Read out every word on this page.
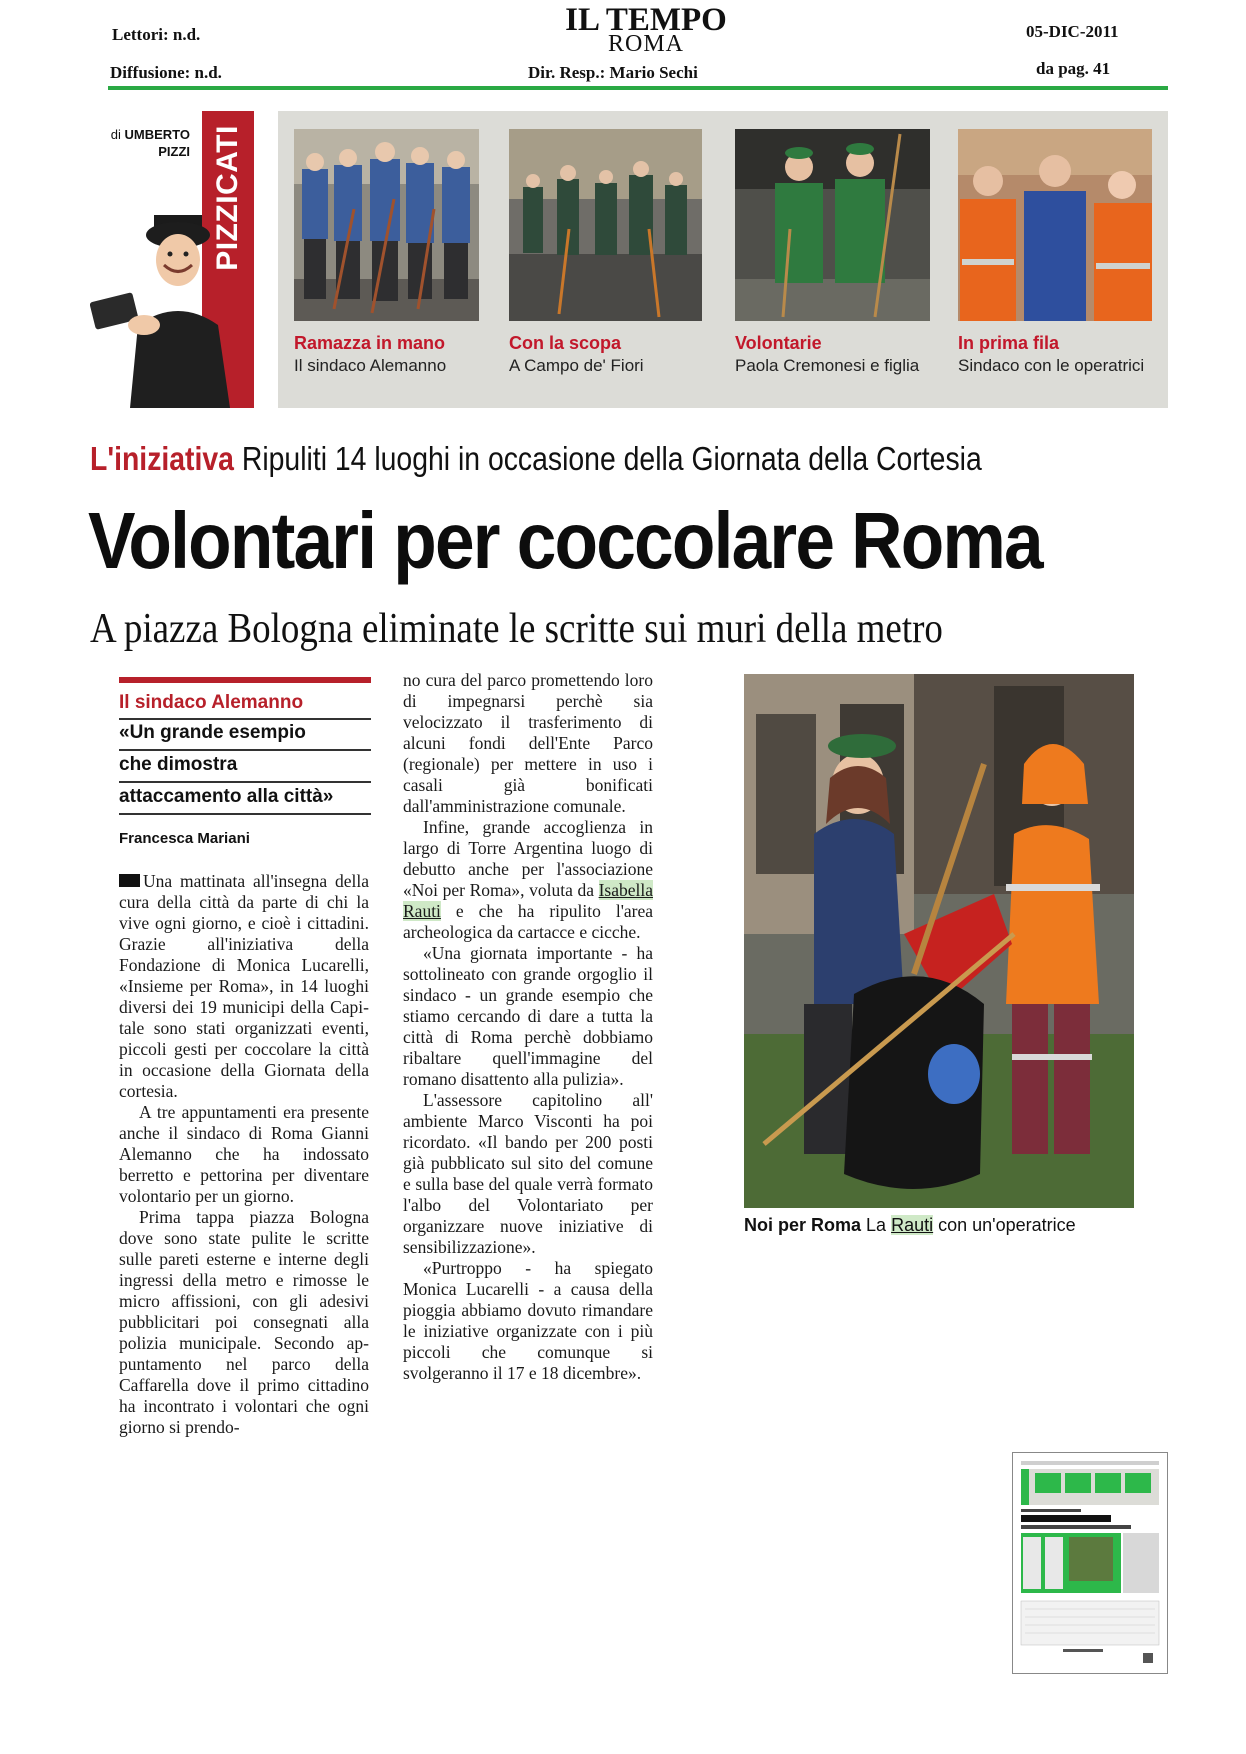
Lettori: n.d.
Diffusione: n.d.
IL TEMPO
ROMA
Dir. Resp.: Mario Sechi
05-DIC-2011
da pag. 41
PIZZICATI
di UMBERTO
PIZZI
Ramazza in mano
Il sindaco Alemanno
Con la scopa
A Campo de' Fiori
Volontarie
Paola Cremonesi e figlia
In prima fila
Sindaco con le operatrici
L'iniziativa Ripuliti 14 luoghi in occasione della Giornata della Cortesia
Volontari per coccolare Roma
A piazza Bologna eliminate le scritte sui muri della metro
Il sindaco Alemanno
«Un grande esempio
che dimostra
attaccamento alla città»
Francesca Mariani

Una mattinata all'insegna della cura della città da parte di chi la vive ogni giorno, e cioè i cittadini. Grazie all'iniziativa della Fondazione di Monica Lucarelli, «Insieme per Roma», in 14 luoghi diversi dei 19 municipi della Capitale sono stati organizzati eventi, piccoli gesti per coccolare la città in occasione della Giornata della cortesia.

A tre appuntamenti era presente anche il sindaco di Roma Gianni Alemanno che ha indossato berretto e pettorina per diventare volontario per un giorno.

Prima tappa piazza Bologna dove sono state pulite le scritte sulle pareti esterne e interne degli ingressi della metro e rimosse le micro affissioni, con gli adesivi pubblicitari poi consegnati alla polizia municipale. Secondo appuntamento nel parco della Caffarella dove il primo cittadino ha incontrato i volontari che ogni giorno si prendo-

no cura del parco promettendo loro di impegnarsi perchè sia velocizzato il trasferimento di alcuni fondi dell'Ente Parco (regionale) per mettere in uso i casali già bonificati dall'amministrazione comunale.

Infine, grande accoglienza in largo di Torre Argentina luogo di debutto anche per l'associazione «Noi per Roma», voluta da Isabella Rauti e che ha ripulito l'area archeologica da cartacce e cicche.

«Una giornata importante - ha sottolineato con grande orgoglio il sindaco - un grande esempio che stiamo cercando di dare a tutta la città di Roma perchè dobbiamo ribaltare quell'immagine del romano disattento alla pulizia».

L'assessore capitolino all' ambiente Marco Visconti ha poi ricordato. «Il bando per 200 posti già pubblicato sul sito del comune e sulla base del quale verrà formato l'albo del Volontariato per organizzare nuove iniziative di sensibilizzazione».

«Purtroppo - ha spiegato Monica Lucarelli - a causa della pioggia abbiamo dovuto rimandare le iniziative organizzate con i più piccoli che comunque si svolgeranno il 17 e 18 dicembre».

Noi per Roma La Rauti con un'operatrice
